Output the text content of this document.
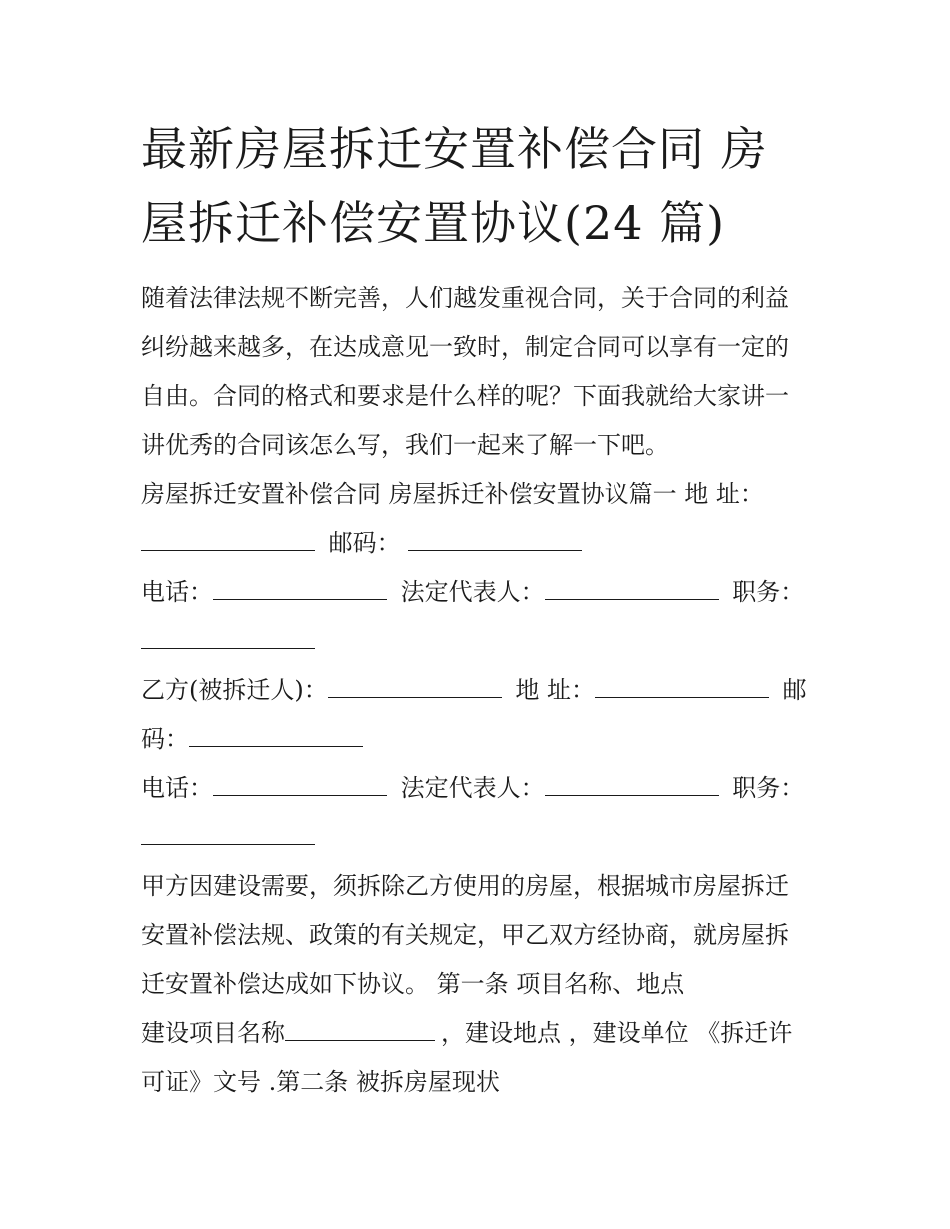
最新房屋拆迁安置补偿合同 房
屋拆迁补偿安置协议(24 篇)

随着法律法规不断完善，人们越发重视合同，关于合同的利益
纠纷越来越多，在达成意见一致时，制定合同可以享有一定的
自由。合同的格式和要求是什么样的呢？下面我就给大家讲一
讲优秀的合同该怎么写，我们一起来了解一下吧。

房屋拆迁安置补偿合同 房屋拆迁补偿安置协议篇一 地 址：
邮码：

电话：	法定代表人：	职务：

乙方(被拆迁人)：	地 址：	邮
码：

电话：	法定代表人：	职务：

甲方因建设需要，须拆除乙方使用的房屋，根据城市房屋拆迁
安置补偿法规、政策的有关规定，甲乙双方经协商，就房屋拆
迁安置补偿达成如下协议。 第一条 项目名称、地点
建设项目名称	，建设地点 ，建设单位 《拆迁许
可证》文号 .第二条 被拆房屋现状
